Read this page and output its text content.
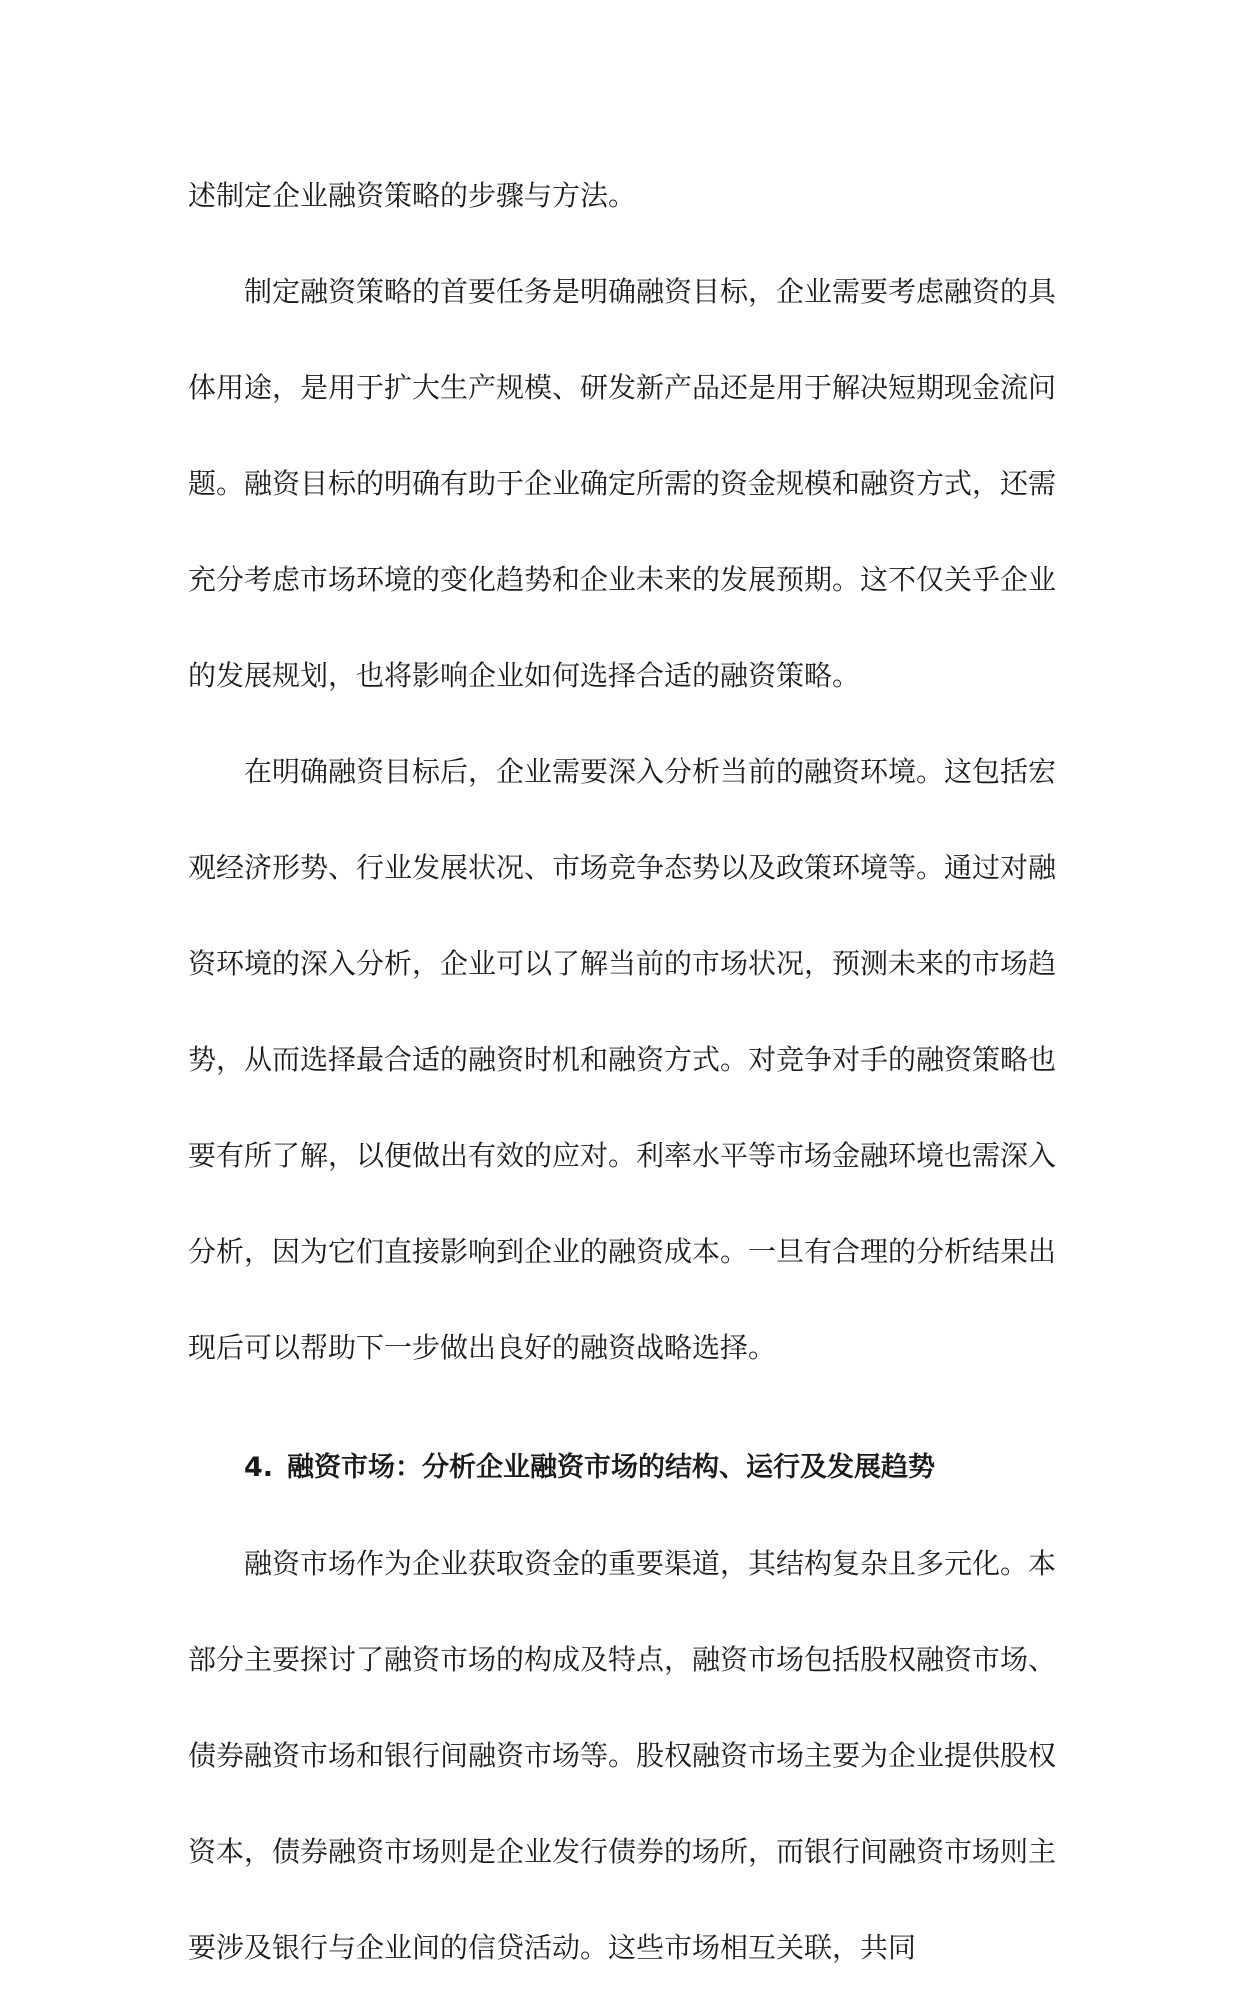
述制定企业融资策略的步骤与方法。

制定融资策略的首要任务是明确融资目标，企业需要考虑融资的具体用途，是用于扩大生产规模、研发新产品还是用于解决短期现金流问题。融资目标的明确有助于企业确定所需的资金规模和融资方式，还需充分考虑市场环境的变化趋势和企业未来的发展预期。这不仅关乎企业的发展规划，也将影响企业如何选择合适的融资策略。

在明确融资目标后，企业需要深入分析当前的融资环境。这包括宏观经济形势、行业发展状况、市场竞争态势以及政策环境等。通过对融资环境的深入分析，企业可以了解当前的市场状况，预测未来的市场趋势，从而选择最合适的融资时机和融资方式。对竞争对手的融资策略也要有所了解，以便做出有效的应对。利率水平等市场金融环境也需深入分析，因为它们直接影响到企业的融资成本。一旦有合理的分析结果出现后可以帮助下一步做出良好的融资战略选择。

4. 融资市场：分析企业融资市场的结构、运行及发展趋势

融资市场作为企业获取资金的重要渠道，其结构复杂且多元化。本部分主要探讨了融资市场的构成及特点，融资市场包括股权融资市场、债券融资市场和银行间融资市场等。股权融资市场主要为企业提供股权资本，债券融资市场则是企业发行债券的场所，而银行间融资市场则主要涉及银行与企业间的信贷活动。这些市场相互关联，共同
